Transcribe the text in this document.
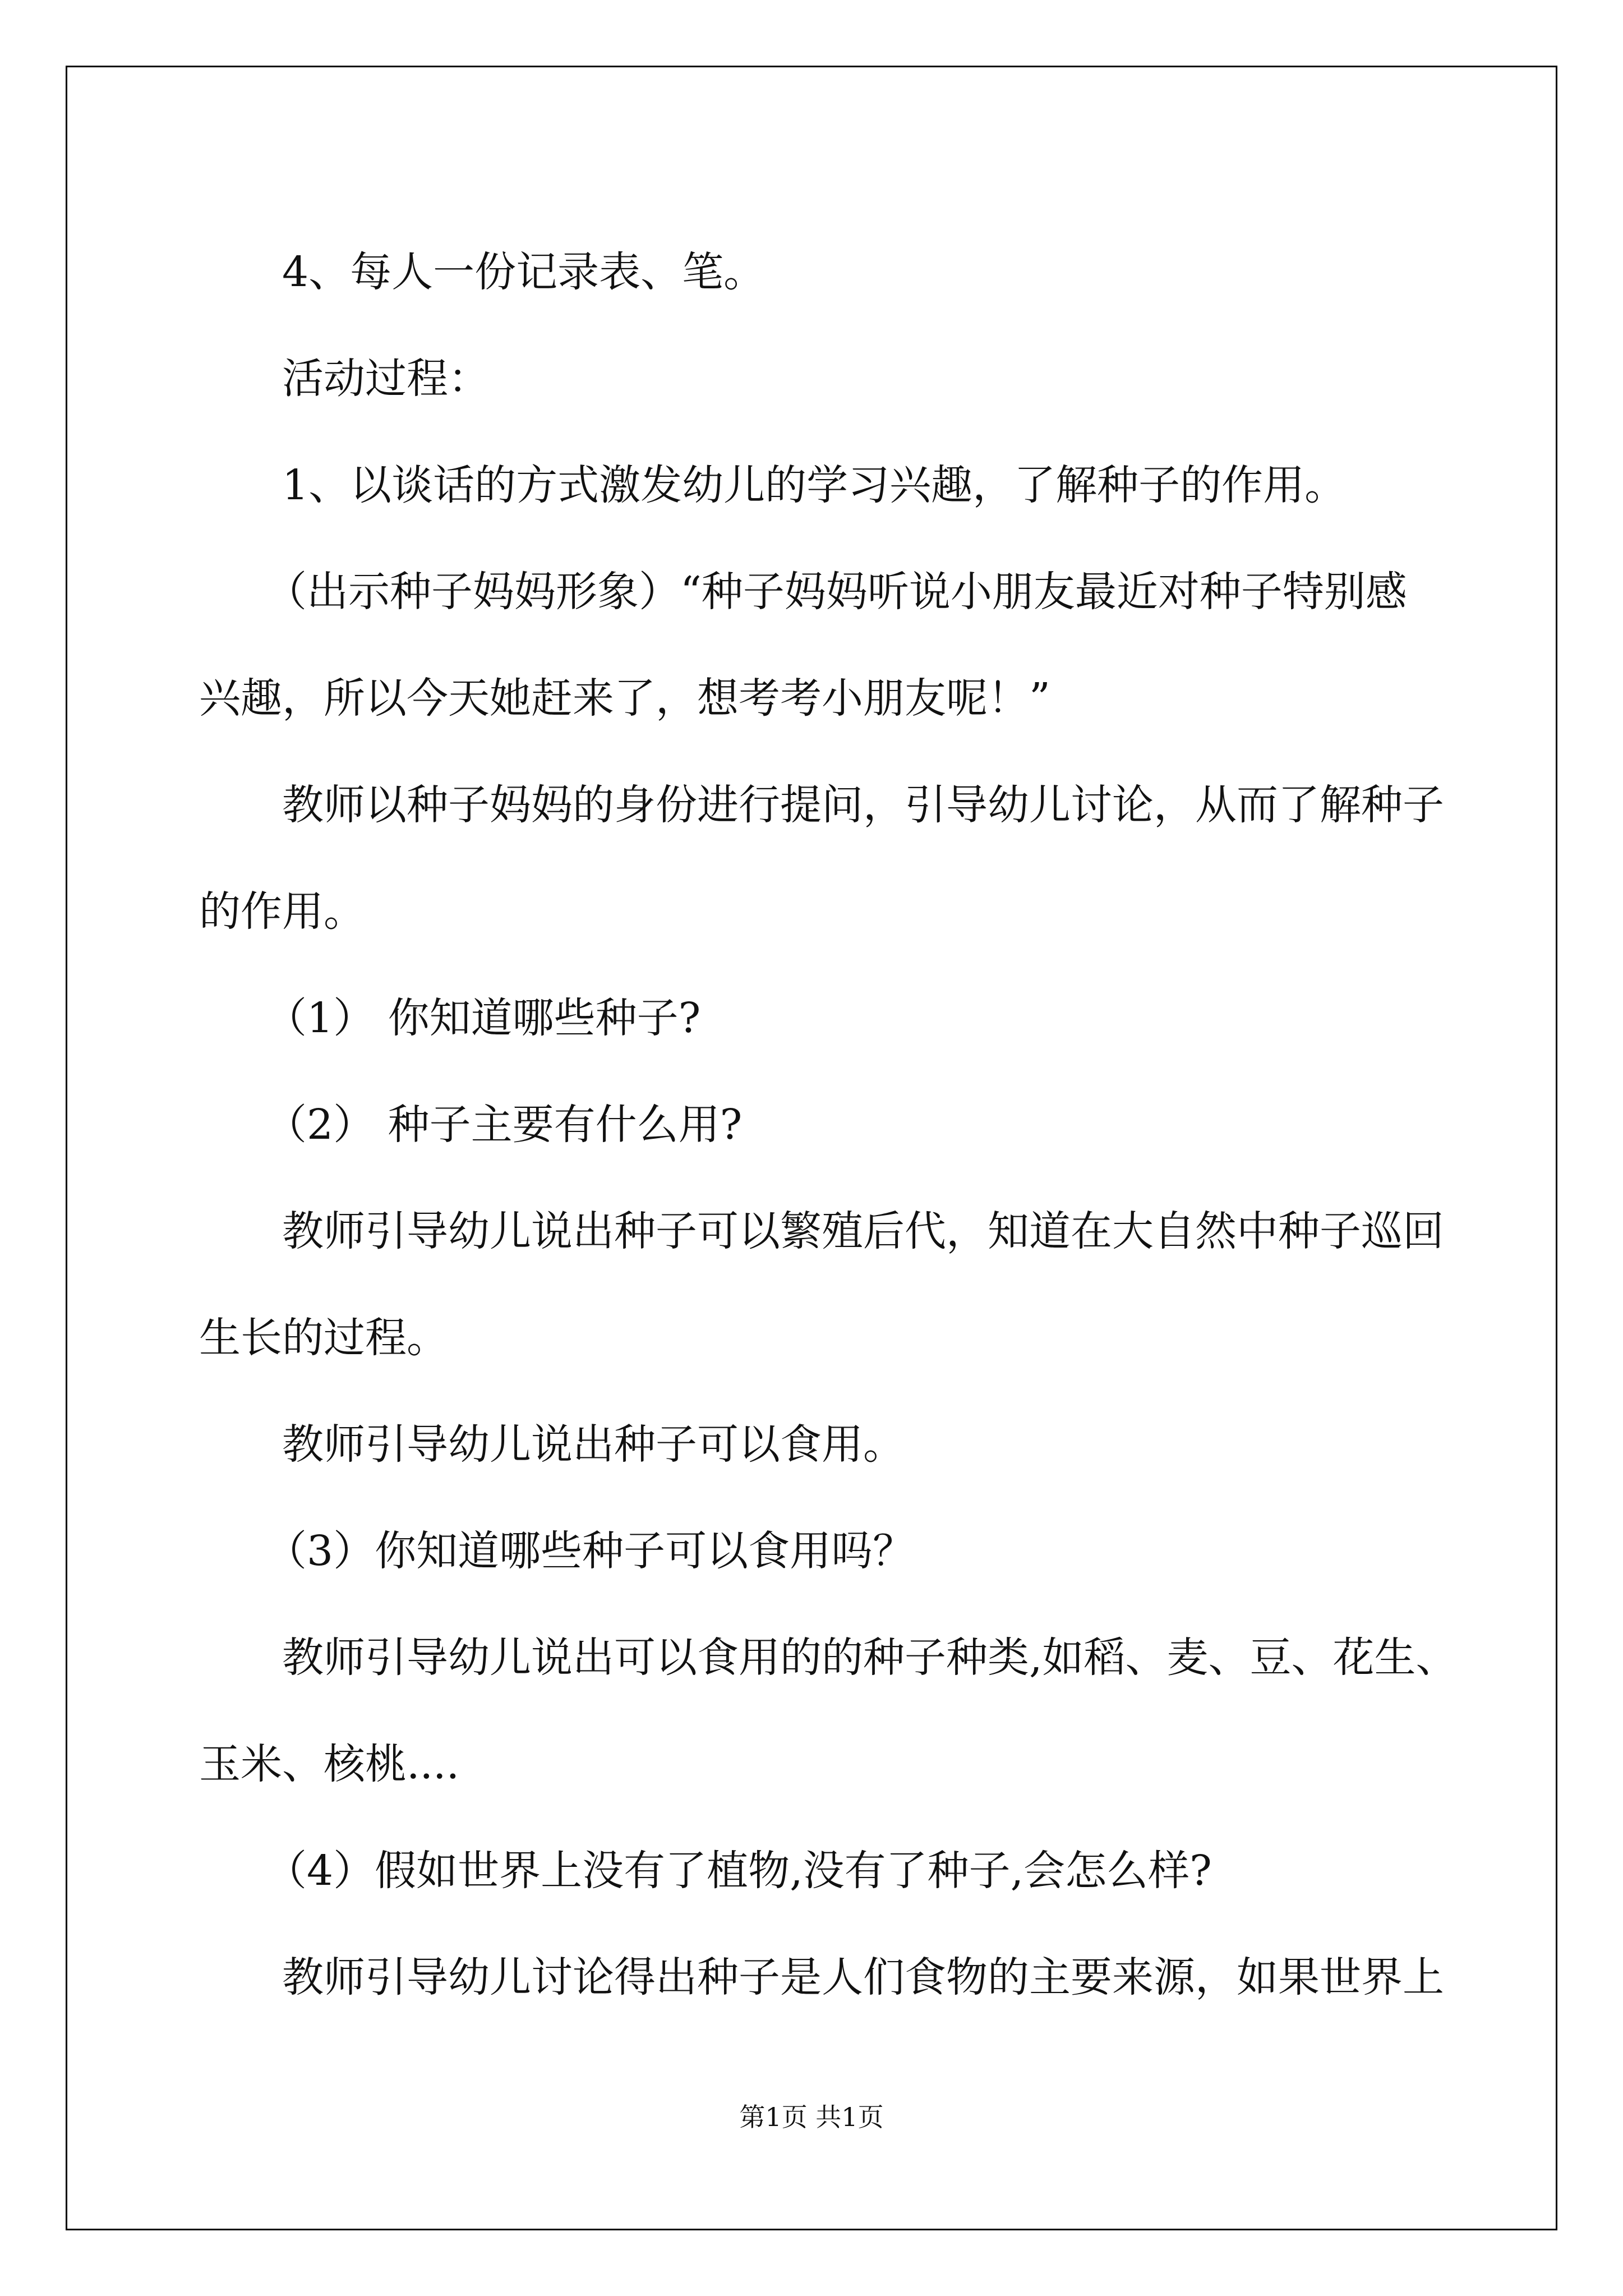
4、每人一份记录表、笔。

活动过程：

1、以谈话的方式激发幼儿的学习兴趣，了解种子的作用。

（出示种子妈妈形象）“种子妈妈听说小朋友最近对种子特别感

兴趣，所以今天她赶来了，想考考小朋友呢！”

教师以种子妈妈的身份进行提问，引导幼儿讨论，从而了解种子

的作用。

（1） 你知道哪些种子?

（2） 种子主要有什么用?

教师引导幼儿说出种子可以繁殖后代，知道在大自然中种子巡回

生长的过程。

教师引导幼儿说出种子可以食用。

（3）你知道哪些种子可以食用吗？

教师引导幼儿说出可以食用的的种子种类,如稻、麦、豆、花生、

玉米、核桃....

（4）假如世界上没有了植物,没有了种子,会怎么样?

教师引导幼儿讨论得出种子是人们食物的主要来源，如果世界上

第1页 共1页
